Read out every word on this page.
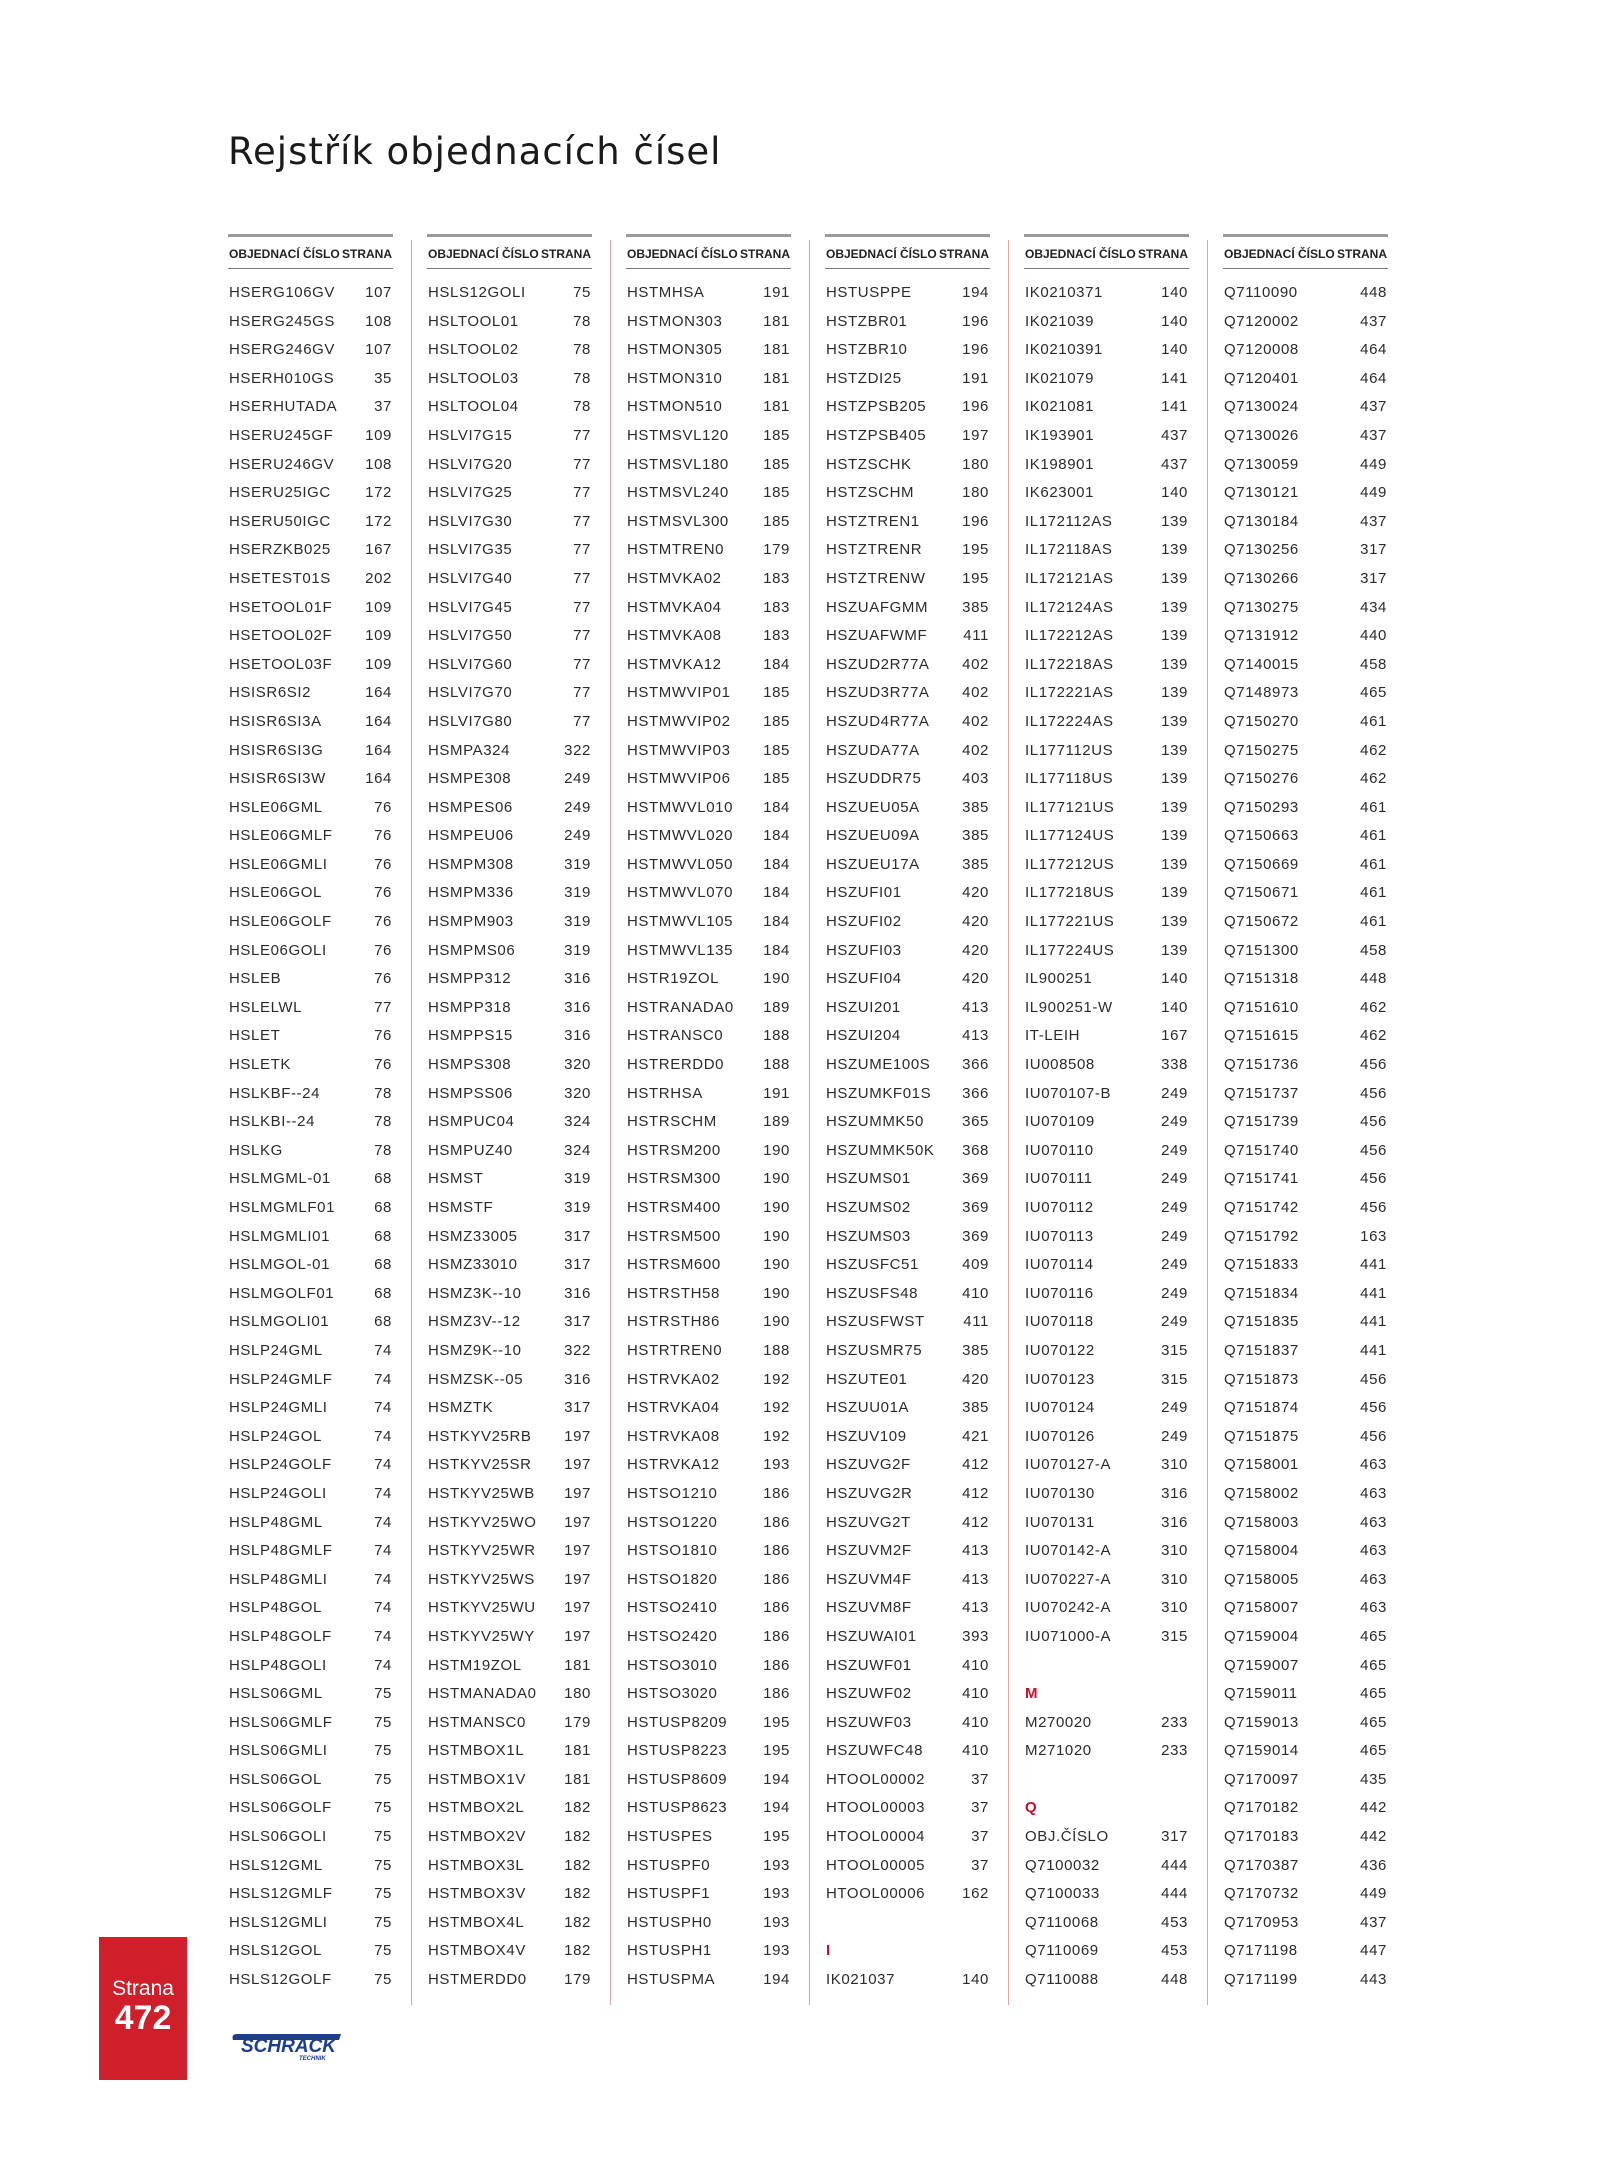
Rejstřík objednacích čísel
OBJEDNACÍ ČÍSLO STRANA
HSERG106GV 107
HSERG245GS 108
HSERG246GV 107
HSERH010GS	35
HSERHUTADA 37
HSERU245GF 109
HSERU246GV 108
HSERU25IGC 172
HSERU50IGC 172
HSERZKB025 167
HSETEST01S 202
HSETOOL01F 109
HSETOOL02F 109
HSETOOL03F 109
HSISR6SI2	164
HSISR6SI3A	164
HSISR6SI3G	164
HSISR6SI3W	164
HSLE06GML	76
HSLE06GMLF	76
HSLE06GMLI	76
HSLE06GOL	76
HSLE06GOLF	76
HSLE06GOLI	76
HSLEB	76
HSLELWL	77
HSLET	76
HSLETK	76
HSLKBF--24	78
HSLKBI--24	78
HSLKG	78
HSLMGML-01	68
HSLMGMLF01	68
HSLMGMLI01	68
HSLMGOL-01	68
HSLMGOLF01	68
HSLMGOLI01	68
HSLP24GML	74
HSLP24GMLF	74
HSLP24GMLI	74
HSLP24GOL	74
HSLP24GOLF	74
HSLP24GOLI	74
HSLP48GML	74
HSLP48GMLF	74
HSLP48GMLI	74
HSLP48GOL	74
HSLP48GOLF	74
HSLP48GOLI	74
HSLS06GML	75
HSLS06GMLF	75
HSLS06GMLI	75
HSLS06GOL	75
HSLS06GOLF	75
HSLS06GOLI	75
HSLS12GML	75
HSLS12GMLF	75
HSLS12GMLI	75
HSLS12GOL	75
HSLS12GOLF	75
OBJEDNACÍ ČÍSLO STRANA
HSLS12GOLI	75
HSLTOOL01	78
HSLTOOL02	78
HSLTOOL03	78
HSLTOOL04	78
HSLVI7G15	77
HSLVI7G20	77
HSLVI7G25	77
HSLVI7G30	77
HSLVI7G35	77
HSLVI7G40	77
HSLVI7G45	77
HSLVI7G50	77
HSLVI7G60	77
HSLVI7G70	77
HSLVI7G80	77
HSMPA324	322
HSMPE308	249
HSMPES06	249
HSMPEU06	249
HSMPM308	319
HSMPM336	319
HSMPM903	319
HSMPMS06	319
HSMPP312	316
HSMPP318	316
HSMPPS15	316
HSMPS308	320
HSMPSS06	320
HSMPUC04	324
HSMPUZ40	324
HSMST	319
HSMSTF	319
HSMZ33005	317
HSMZ33010	317
HSMZ3K--10	316
HSMZ3V--12	317
HSMZ9K--10	322
HSMZSK--05	316
HSMZTK	317
HSTKYV25RB 197
HSTKYV25SR 197
HSTKYV25WB 197
HSTKYV25WO 197
HSTKYV25WR 197
HSTKYV25WS 197
HSTKYV25WU 197
HSTKYV25WY 197
HSTM19ZOL	181
HSTMANADA0 180
HSTMANSC0	179
HSTMBOX1L	181
HSTMBOX1V	181
HSTMBOX2L	182
HSTMBOX2V	182
HSTMBOX3L	182
HSTMBOX3V	182
HSTMBOX4L	182
HSTMBOX4V	182
HSTMERDD0 179
OBJEDNACÍ ČÍSLO STRANA
HSTMHSA	191
HSTMON303	181
HSTMON305	181
HSTMON310	181
HSTMON510	181
HSTMSVL120 185
HSTMSVL180 185
HSTMSVL240 185
HSTMSVL300 185
HSTMTREN0	179
HSTMVKA02	183
HSTMVKA04	183
HSTMVKA08	183
HSTMVKA12	184
HSTMWVIP01 185
HSTMWVIP02 185
HSTMWVIP03 185
HSTMWVIP06 185
HSTMWVL010 184
HSTMWVL020 184
HSTMWVL050 184
HSTMWVL070 184
HSTMWVL105 184
HSTMWVL135 184
HSTR19ZOL	190
HSTRANADA0 189
HSTRANSC0	188
HSTRERDD0	188
HSTRHSA	191
HSTRSCHM	189
HSTRSM200	190
HSTRSM300	190
HSTRSM400	190
HSTRSM500	190
HSTRSM600	190
HSTRSTH58	190
HSTRSTH86	190
HSTRTREN0	188
HSTRVKA02	192
HSTRVKA04	192
HSTRVKA08	192
HSTRVKA12	193
HSTSO1210	186
HSTSO1220	186
HSTSO1810	186
HSTSO1820	186
HSTSO2410	186
HSTSO2420	186
HSTSO3010	186
HSTSO3020	186
HSTUSP8209 195
HSTUSP8223 195
HSTUSP8609 194
HSTUSP8623 194
HSTUSPES	195
HSTUSPF0	193
HSTUSPF1	193
HSTUSPH0	193
HSTUSPH1	193
HSTUSPMA	194
OBJEDNACÍ ČÍSLO STRANA
HSTUSPPE	194
HSTZBR01	196
HSTZBR10	196
HSTZDI25	191
HSTZPSB205 196
HSTZPSB405 197
HSTZSCHK	180
HSTZSCHM	180
HSTZTREN1	196
HSTZTRENR	195
HSTZTRENW 195
HSZUAFGMM 385
HSZUAFWMF 411
HSZUD2R77A 402
HSZUD3R77A 402
HSZUD4R77A 402
HSZUDA77A	402
HSZUDDR75	403
HSZUEU05A	385
HSZUEU09A	385
HSZUEU17A	385
HSZUFI01	420
HSZUFI02	420
HSZUFI03	420
HSZUFI04	420
HSZUI201	413
HSZUI204	413
HSZUME100S 366
HSZUMKF01S 366
HSZUMMK50	365
HSZUMMK50K 368
HSZUMS01	369
HSZUMS02	369
HSZUMS03	369
HSZUSFC51	409
HSZUSFS48	410
HSZUSFWST	411
HSZUSMR75	385
HSZUTE01	420
HSZUU01A	385
HSZUV109	421
HSZUVG2F	412
HSZUVG2R	412
HSZUVG2T	412
HSZUVM2F	413
HSZUVM4F	413
HSZUVM8F	413
HSZUWAI01	393
HSZUWF01	410
HSZUWF02	410
HSZUWF03	410
HSZUWFC48	410
HTOOL00002	37
HTOOL00003	37
HTOOL00004	37
HTOOL00005	37
HTOOL00006 162
I
IK021037	140
OBJEDNACÍ ČÍSLO STRANA
IK0210371	140
IK021039	140
IK0210391	140
IK021079	141
IK021081	141
IK193901	437
IK198901	437
IK623001	140
IL172112AS	139
IL172118AS	139
IL172121AS	139
IL172124AS	139
IL172212AS	139
IL172218AS	139
IL172221AS	139
IL172224AS	139
IL177112US	139
IL177118US	139
IL177121US	139
IL177124US	139
IL177212US	139
IL177218US	139
IL177221US	139
IL177224US	139
IL900251	140
IL900251-W	140
IT-LEIH	167
IU008508	338
IU070107-B	249
IU070109	249
IU070110	249
IU070111	249
IU070112	249
IU070113	249
IU070114	249
IU070116	249
IU070118	249
IU070122	315
IU070123	315
IU070124	249
IU070126	249
IU070127-A	310
IU070130	316
IU070131	316
IU070142-A	310
IU070227-A	310
IU070242-A	310
IU071000-A	315
M
M270020	233
M271020	233
Q
OBJ.ČÍSLO	317
Q7100032	444
Q7100033	444
Q7110068	453
Q7110069	453
Q7110088	448
OBJEDNACÍ ČÍSLO STRANA
Q7110090	448
Q7120002	437
Q7120008	464
Q7120401	464
Q7130024	437
Q7130026	437
Q7130059	449
Q7130121	449
Q7130184	437
Q7130256	317
Q7130266	317
Q7130275	434
Q7131912	440
Q7140015	458
Q7148973	465
Q7150270	461
Q7150275	462
Q7150276	462
Q7150293	461
Q7150663	461
Q7150669	461
Q7150671	461
Q7150672	461
Q7151300	458
Q7151318	448
Q7151610	462
Q7151615	462
Q7151736	456
Q7151737	456
Q7151739	456
Q7151740	456
Q7151741	456
Q7151742	456
Q7151792	163
Q7151833	441
Q7151834	441
Q7151835	441
Q7151837	441
Q7151873	456
Q7151874	456
Q7151875	456
Q7158001	463
Q7158002	463
Q7158003	463
Q7158004	463
Q7158005	463
Q7158007	463
Q7159004	465
Q7159007	465
Q7159011	465
Q7159013	465
Q7159014	465
Q7170097	435
Q7170182	442
Q7170183	442
Q7170387	436
Q7170732	449
Q7170953	437
Q7171198	447
Q7171199	443
Strana
472
SCHRACK
TECHNIK
